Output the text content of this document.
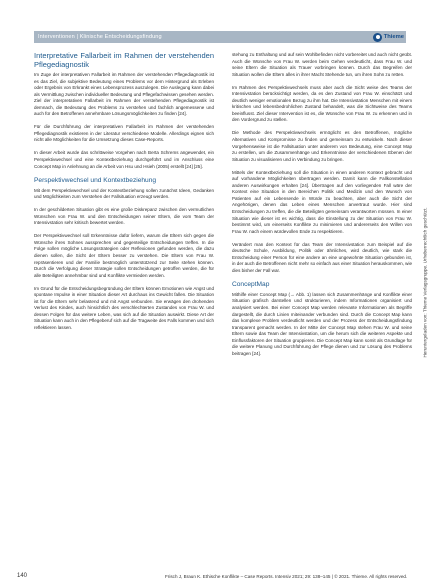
Interventionen | Klinische Entscheidungsfindung	Thieme
Interpretative Fallarbeit im Rahmen der verstehenden Pflegediagnostik

Im Zuge der interpretativen Fallarbeit im Rahmen der verstehenden Pflegediagnostik ist es das Ziel, die subjektive Bedeutung eines Problems vor dem Hintergrund als Erleben oder Ergebnis von Erkrankt eines Lebensprozess auszulegen. Die Auslegung kann dabei als Vermittlung zwischen individueller Bedeutung und Pflegefachwissen gesehen werden. Ziel der interpretativen Fallarbeit im Rahmen der verstehenden Pflegediagnostik ist demnach, die Bedeutung des Problems zu verstehen und fachlich angemessene und auch für den Betroffenen annehmbare Lösungsmöglichkeiten zu finden [24].

Für die Durchführung der interpretativen Fallarbeit im Rahmen der verstehenden Pflegediagnostik existieren in der Literatur verschiedene Modelle. Allerdings eignen sich nicht alle Möglichkeiten für die Umsetzung dieses Case-Reports.

In dieser Arbeit wurde das schrittweise Vorgehen nach Berta Schrems angewendet, ein Perspektivwechsel und eine Kontextbeziehung durchgeführt und im Anschluss eine Concept Map in Anlehnung an die Arbeit von Hsu und Hsieh (2005) erstellt [24] [25].

Perspektivwechsel und Kontextbeziehung

Mit dem Perspektivwechsel und der Kontextbeziehung sollen zunächst Ideen, Gedanken und Möglichkeiten zum Verstehen der Fallsituation erzeugt werden.

In der geschilderten Situation gibt es eine große Diskrepanz zwischen den vermutlichen Wünschen von Frau W. und den Entscheidungen seiner Eltern, die vom Team der Intensivstation sehr kritisch bewertet werden.

Der Perspektivwechsel soll Erkenntnisse dafür liefern, warum die Eltern sich gegen die Wünsche ihres Sohnes aussprechen und gegenteilige Entscheidungen treffen. In die Folge sollen mögliche Lösungsstrategien oder Reflexionen gefunden werden, die dazu dienen sollen, die Sicht der Eltern besser zu verstehen. Die Eltern von Frau W. repräsentieren und der Familie bestmöglich unterstützend zur Seite stehen können. Durch die Verfolgung dieser Strategie sollen Entscheidungen getroffen werden, die für alle Beteiligten annehmbar sind und Konflikte vermieden werden.

Im Grund für die Entscheidungsbegründung der Eltern können Emotionen wie Angst und spontane Impulse in einer Situation dieser Art durchaus ins Gewicht fallen. Die Situation ist für die Eltern sehr belastend und mit Angst verbunden. Sie erwägen den drohenden Verlust des Kindes, auch hinsichtlich des verschlechterten Zustandes von Frau W. und dessen Folgen für das weitere Leben, was sich auf die Situation auswirkt. Diese Art der Situation kann auch in den Pflegeberuf sich auf die Tragweite des Falls kommen und sich reflektieren lassen.

stehung zu Enthaltung und auf sein Wohlbefinden nicht vorbereitet und auch nicht geübt. Auch die Wünsche von Frau W. werden beim Gehen verdeutlicht, dass Frau W. und seine Eltern die Situation als Trauer vorbringen können. Durch das Begreifen der Situation wollen die Eltern alles in ihrer Macht Stehende tun, um ihren Sohn zu retten.

Im Rahmen des Perspektivwechsels muss aber auch die Sicht weise des Teams der Intensivstation berücksichtigt werden, da es den Zustand von Frau W. einschätzt und deutlich weniger emotionalen Bezug zu ihm hat. Die Intensivstation Menschen mit einem kritischen und lebensbedrohlichen Zustand behandelt, was die Sichtweise des Teams beeinflusst. Ziel dieser Intervention ist es, die Wünsche von Frau W. zu erkennen und in den Vordergrund zu stellen.

Die Methode des Perspektivwechsels ermöglicht es den Betroffenen, mögliche Alternativen und Kompromisse zu finden und gemeinsam zu entwickeln. Nach dieser Vorgehensweise ist die Fallsituation unter anderem von Bedeutung, eine Concept Map zu erstellen, um die Zusammenhänge und Erkenntnisse der verschiedenen Ebenen der Situation zu visualisieren und in Verbindung zu bringen.

Mittels der Kontextbeziehung soll die Situation in einen anderen Kontext gebracht und auf vorhandene Möglichkeiten übertragen werden. Damit kann die Fallkonstellation anderen Auswirkungen erhalten [24]. Übertragen auf den vorliegenden Fall wäre der Kontext eine Situation in den Bereichen Politik und Medizin und den Wunsch von Patienten auf ein Lebensende in Würde zu beachten, aber auch die Sicht der Angehörigen, denen das Leben eines Menschen anvertraut wurde. Hier sind Entscheidungen zu treffen, die die Beteiligten gemeinsam verantworten müssen. In einer Situation wie dieser ist es wichtig, dass die Einstellung zu der Situation von Frau W. bestimmt wird, um einerseits Konflikte zu minimieren und andererseits den Willen von Frau W. nach einem würdevollen Ende zu respektieren.

Verändert man den Kontext für das Team der Intensivstation zum Beispiel auf die deutsche Schule, Ausbildung, Politik oder ähnliches, wird deutlich, wie stark die Entscheidung einer Person für eine andere an eine ungewohnte Situation gebunden ist, in der auch die Betroffenen nicht mehr so einfach aus einer Situation herauskommen, wie dies bisher der Fall war.

ConceptMap

Mithilfe einer Concept Map (→ Abb. 1) lassen sich Zusammenhänge und Konflikte einer Situation grafisch darstellen und strukturieren, indem Informationen organisiert und analysiert werden. Bei einer Concept Map werden relevante Informationen als Begriffe dargestellt, die durch Linien miteinander verbunden sind. Durch die Concept Map kann das komplexe Problem verdeutlicht werden und der Prozess der Entscheidungsfindung transparent gemacht werden. In der Mitte der Concept Map stehen Frau W. und seine Eltern sowie das Team der Intensivstation, um die herum sich die weiteren Aspekte und Einflussfaktoren der Situation gruppieren. Die Concept Map kann somit als Grundlage für die weitere Planung und Durchführung der Pflege dienen und zur Lösung des Problems beitragen [24].	Heruntergeladen von: Thieme Verlagsgruppe. Urheberrechtlich geschützt.
140	Frisch J, Braun K. Ethische Konflikte – Case Reports. Intensiv 2021; 29: 138–145 | © 2021. Thieme. All rights reserved.
